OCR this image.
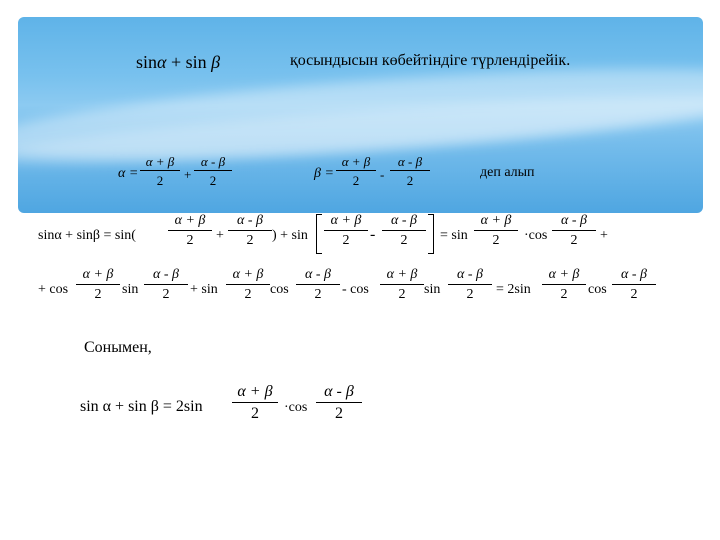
sinα + sin β	қосындысын көбейтіндіге түрлендірейік.
α =
α + β
2	+
α - β
2	β =
α + β
2	-
α - β
2
деп алып
sinα + sinβ = sin(
α + β
2	+
α - β
2	) + sin
α + β
2	-
α - β
2	= sin
α + β
2	·cos
α - β
2	+
+ cos
α + β
2	sin
α - β
2	+ sin
α + β
2	cos
α - β
2	- cos
α + β
2	sin
α - β
2	= 2sin
α + β
2	cos
α - β
2
Сонымен,
sin α + sin β = 2sin
α + β
2	·cos
α - β
2
